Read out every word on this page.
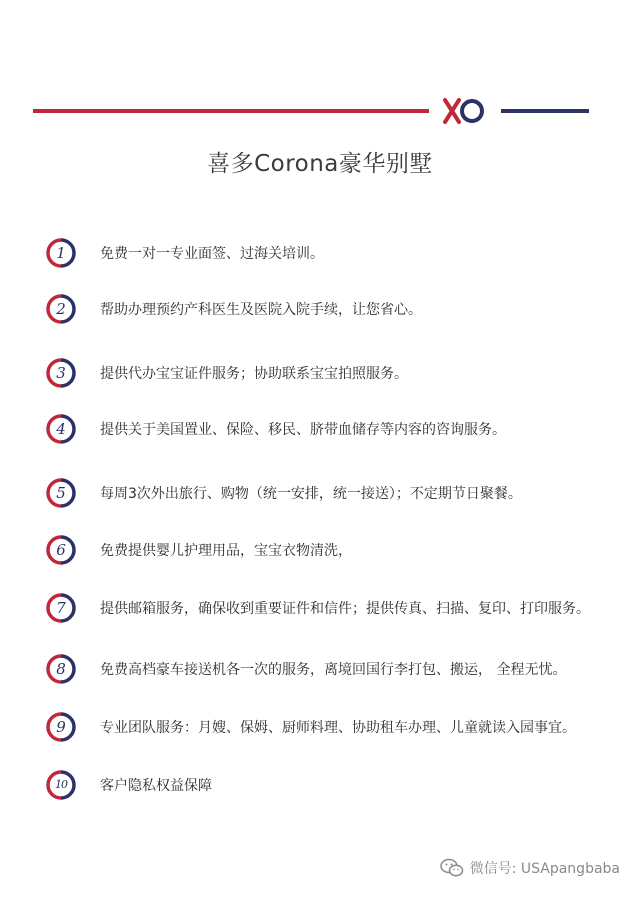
喜多Corona豪华别墅
1	免费一对一专业面签、过海关培训。
2	帮助办理预约产科医生及医院入院手续，让您省心。
3	提供代办宝宝证件服务；协助联系宝宝拍照服务。
4	提供关于美国置业、保险、移民、脐带血储存等内容的咨询服务。
5	每周3次外出旅行、购物（统一安排，统一接送）；不定期节日聚餐。
6	免费提供婴儿护理用品，宝宝衣物清洗，
7	提供邮箱服务，确保收到重要证件和信件；提供传真、扫描、复印、打印服务。
8	免费高档豪车接送机各一次的服务，离境回国行李打包、搬运， 全程无忧。
9	专业团队服务：月嫂、保姆、厨师料理、协助租车办理、儿童就读入园事宜。
10	客户隐私权益保障
微信号: USApangbaba
